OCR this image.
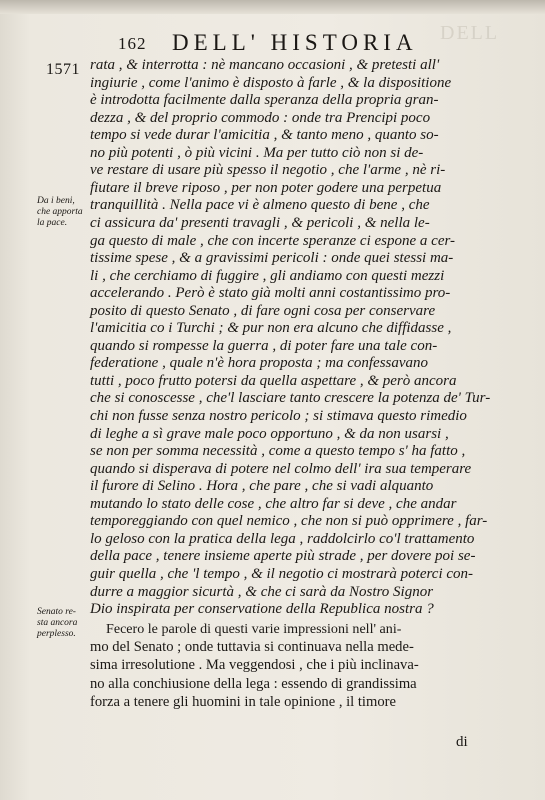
DELL
162 DELL' HISTORIA
1571
Da i beni,
che apporta
la pace.
Senato re-
sta ancora
perplesso.
rata , & interrotta : nè mancano occasioni , & pretesti all'
ingiurie , come l'animo è disposto à farle , & la dispositione
è introdotta facilmente dalla speranza della propria gran-
dezza , & del proprio commodo : onde tra Prencipi poco
tempo si vede durar l'amicitia , & tanto meno , quanto so-
no più potenti , ò più vicini . Ma per tutto ciò non si de-
ve restare di usare più spesso il negotio , che l'arme , nè ri-
fiutare il breve riposo , per non poter godere una perpetua
tranquillità . Nella pace vi è almeno questo di bene , che
ci assicura da' presenti travagli , & pericoli , & nella le-
ga questo di male , che con incerte speranze ci espone a cer-
tissime spese , & a gravissimi pericoli : onde quei stessi ma-
li , che cerchiamo di fuggire , gli andiamo con questi mezzi
accelerando . Però è stato già molti anni costantissimo pro-
posito di questo Senato , di fare ogni cosa per conservare
l'amicitia co i Turchi ; & pur non era alcuno che diffidasse ,
quando si rompesse la guerra , di poter fare una tale con-
federatione , quale n'è hora proposta ; ma confessavano
tutti , poco frutto potersi da quella aspettare , & però ancora
che si conoscesse , che'l lasciare tanto crescere la potenza de' Tur-
chi non fusse senza nostro pericolo ; si stimava questo rimedio
di leghe a sì grave male poco opportuno , & da non usarsi ,
se non per somma necessità , come a questo tempo s' ha fatto ,
quando si disperava di potere nel colmo dell' ira sua temperare
il furore di Selino . Hora , che pare , che si vadi alquanto
mutando lo stato delle cose , che altro far si deve , che andar
temporeggiando con quel nemico , che non si può opprimere , far-
lo geloso con la pratica della lega , raddolcirlo co'l trattamento
della pace , tenere insieme aperte più strade , per dovere poi se-
guir quella , che 'l tempo , & il negotio ci mostrarà poterci con-
durre a maggior sicurtà , & che ci sarà da Nostro Signor
Dio inspirata per conservatione della Republica nostra ?
Fecero le parole di questi varie impressioni nell' ani-
mo del Senato ; onde tuttavia si continuava nella mede-
sima irresolutione . Ma veggendosi , che i più inclinava-
no alla conchiusione della lega : essendo di grandissima
forza a tenere gli huomini in tale opinione , il timore
di
